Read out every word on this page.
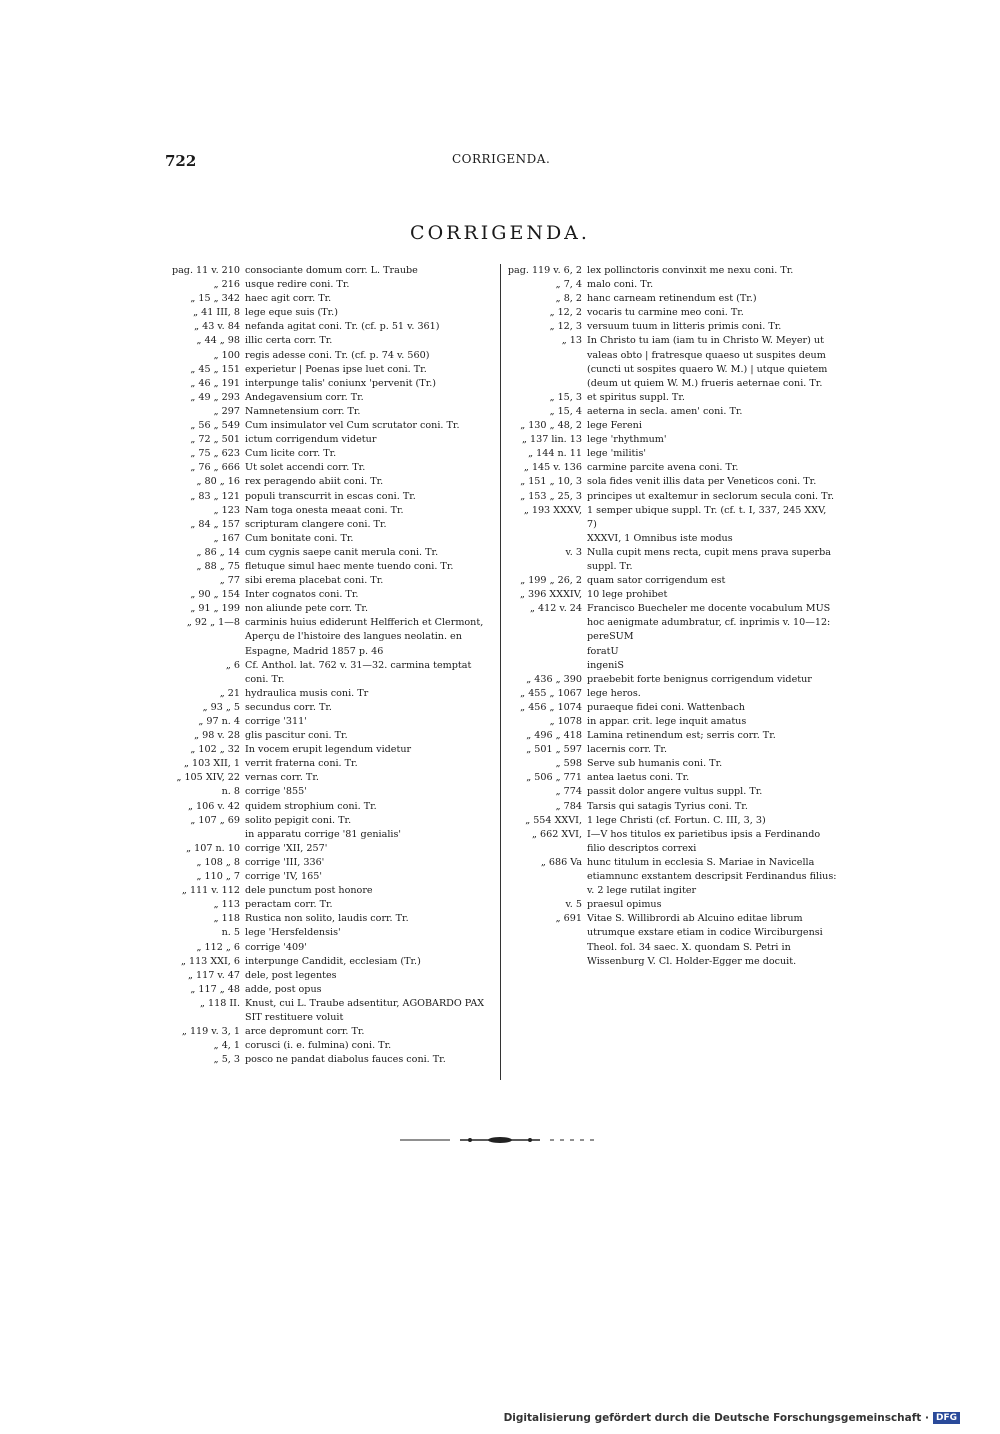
722	CORRIGENDA.
CORRIGENDA.
pag. 11 v. 210 consociante domum corr. L. Traube
„ 216 usque redire coni. Tr.
„ 15 „ 342 haec agit corr. Tr.
„ 41 III, 8 lege eque suis (Tr.)
„ 43 v. 84 nefanda agitat coni. Tr. (cf. p. 51 v. 361)
„ 44 „ 98 illic certa corr. Tr.
„ 100 regis adesse coni. Tr. (cf. p. 74 v. 560)
„ 45 „ 151 experietur | Poenas ipse luet coni. Tr.
„ 46 „ 191 interpunge talis' coniunx 'pervenit (Tr.)
„ 49 „ 293 Andegavensium corr. Tr.
„ 297 Namnetensium corr. Tr.
„ 56 „ 549 Cum insimulator vel Cum scrutator coni. Tr.
„ 72 „ 501 ictum corrigendum videtur
„ 75 „ 623 Cum licite corr. Tr.
„ 76 „ 666 Ut solet accendi corr. Tr.
„ 80 „ 16 rex peragendo abiit coni. Tr.
„ 83 „ 121 populi transcurrit in escas coni. Tr.
„ 123 Nam toga onesta meaat coni. Tr.
„ 84 „ 157 scripturam clangere coni. Tr.
„ 167 Cum bonitate coni. Tr.
„ 86 „ 14 cum cygnis saepe canit merula coni. Tr.
„ 88 „ 75 fletuque simul haec mente tuendo coni. Tr.
„ 77 sibi erema placebat coni. Tr.
„ 90 „ 154 Inter cognatos coni. Tr.
„ 91 „ 199 non aliunde pete corr. Tr.
„ 92 „ 1—8 carminis huius ediderunt Helfferich et Clermont, Aperçu de l'histoire des langues neolatin. en Espagne, Madrid 1857 p. 46
„ 6 Cf. Anthol. lat. 762 v. 31—32. carmina temptat coni. Tr.
„ 21 hydraulica musis coni. Tr
„ 93 „ 5 secundus corr. Tr.
„ 97 n. 4 corrige '311'
„ 98 v. 28 glis pascitur coni. Tr.
„ 102 „ 32 In vocem erupit legendum videtur
„ 103 XII, 1 verrit fraterna coni. Tr.
„ 105 XIV, 22 vernas corr. Tr.
n. 8 corrige '855'
„ 106 v. 42 quidem strophium coni. Tr.
„ 107 „ 69 solito pepigit coni. Tr.
in apparatu corrige '81 genialis'
„ 107 n. 10 corrige 'XII, 257'
„ 108 „ 8 corrige 'III, 336'
„ 110 „ 7 corrige 'IV, 165'
„ 111 v. 112 dele punctum post honore
„ 113 peractam corr. Tr.
„ 118 Rustica non solito, laudis corr. Tr.
n. 5 lege 'Hersfeldensis'
„ 112 „ 6 corrige '409'
„ 113 XXI, 6 interpunge Candidit, ecclesiam (Tr.)
„ 117 v. 47 dele, post legentes
„ 117 „ 48 adde, post opus
„ 118 II. Knust, cui L. Traube adsentitur, AGOBARDO PAX SIT restituere voluit
„ 119 v. 3, 1 arce depromunt corr. Tr.
„ 4, 1 corusci (i. e. fulmina) coni. Tr.
„ 5, 3 posco ne pandat diabolus fauces coni. Tr.
pag. 119 v. 6, 2 lex pollinctoris convinxit me nexu coni. Tr.
„ 7, 4 malo coni. Tr.
„ 8, 2 hanc carneam retinendum est (Tr.)
„ 12, 2 vocaris tu carmine meo coni. Tr.
„ 12, 3 versuum tuum in litteris primis coni. Tr.
„ 13 In Christo tu iam (iam tu in Christo W. Meyer) ut valeas obto | fratresque quaeso ut suspites deum (cuncti ut sospites quaero W. M.) | utque quietem (deum ut quiem W. M.) frueris aeternae coni. Tr.
„ 15, 3 et spiritus suppl. Tr.
„ 15, 4 aeterna in secla. amen' coni. Tr.
„ 130 „ 48, 2 lege Fereni
„ 137 lin. 13 lege 'rhythmum'
„ 144 n. 11 lege 'militis'
„ 145 v. 136 carmine parcite avena coni. Tr.
„ 151 „ 10, 3 sola fides venit illis data per Veneticos coni. Tr.
„ 153 „ 25, 3 principes ut exaltemur in seclorum secula coni. Tr.
„ 193 XXXV, 1 semper ubique suppl. Tr. (cf. t. I, 337, 245 XXV, 7)
XXXVI, 1 Omnibus iste modus
v. 3 Nulla cupit mens recta, cupit mens prava superba suppl. Tr.
„ 199 „ 26, 2 quam sator corrigendum est
„ 396 XXXIV, 10 lege prohibet
„ 412 v. 24 Francisco Buecheler me docente vocabulum MUS hoc aenigmate adumbratur, cf. inprimis v. 10—12:
pereSUM
foratU
ingeniS
„ 436 „ 390 praebebit forte benignus corrigendum videtur
„ 455 „ 1067 lege heros.
„ 456 „ 1074 puraeque fidei coni. Wattenbach
„ 1078 in appar. crit. lege inquit amatus
„ 496 „ 418 Lamina retinendum est; serris corr. Tr.
„ 501 „ 597 lacernis corr. Tr.
„ 598 Serve sub humanis coni. Tr.
„ 506 „ 771 antea laetus coni. Tr.
„ 774 passit dolor angere vultus suppl. Tr.
„ 784 Tarsis qui satagis Tyrius coni. Tr.
„ 554 XXVI, 1 lege Christi (cf. Fortun. C. III, 3, 3)
„ 662 XVI, I—V hos titulos ex parietibus ipsis a Ferdinando filio descriptos correxi
„ 686 Va hunc titulum in ecclesia S. Mariae in Navicella etiamnunc exstantem descripsit Ferdinandus filius: v. 2 lege rutilat ingiter
v. 5 praesul opimus
„ 691 Vitae S. Willibrordi ab Alcuino editae librum utrumque exstare etiam in codice Wirciburgensi Theol. fol. 34 saec. X. quondam S. Petri in Wissenburg V. Cl. Holder-Egger me docuit.
Digitalisierung gefördert durch die Deutsche Forschungsgemeinschaft · DFG
